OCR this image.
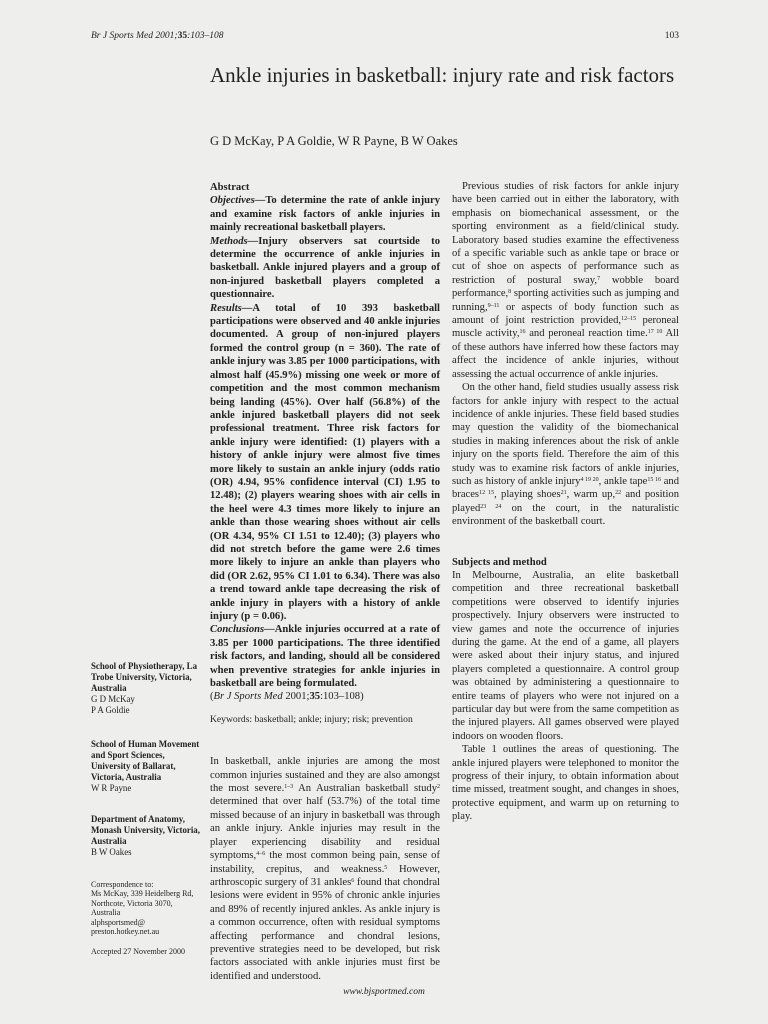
Br J Sports Med 2001;35:103–108	103
Ankle injuries in basketball: injury rate and risk factors
G D McKay, P A Goldie, W R Payne, B W Oakes
Abstract
Objectives—To determine the rate of ankle injury and examine risk factors of ankle injuries in mainly recreational basketball players.
Methods—Injury observers sat courtside to determine the occurrence of ankle injuries in basketball. Ankle injured players and a group of non-injured basketball players completed a questionnaire.
Results—A total of 10 393 basketball participations were observed and 40 ankle injuries documented. A group of non-injured players formed the control group (n = 360). The rate of ankle injury was 3.85 per 1000 participations, with almost half (45.9%) missing one week or more of competition and the most common mechanism being landing (45%). Over half (56.8%) of the ankle injured basketball players did not seek professional treatment. Three risk factors for ankle injury were identified: (1) players with a history of ankle injury were almost five times more likely to sustain an ankle injury (odds ratio (OR) 4.94, 95% confidence interval (CI) 1.95 to 12.48); (2) players wearing shoes with air cells in the heel were 4.3 times more likely to injure an ankle than those wearing shoes without air cells (OR 4.34, 95% CI 1.51 to 12.40); (3) players who did not stretch before the game were 2.6 times more likely to injure an ankle than players who did (OR 2.62, 95% CI 1.01 to 6.34). There was also a trend toward ankle tape decreasing the risk of ankle injury in players with a history of ankle injury (p = 0.06).
Conclusions—Ankle injuries occurred at a rate of 3.85 per 1000 participations. The three identified risk factors, and landing, should all be considered when preventive strategies for ankle injuries in basketball are being formulated.
(Br J Sports Med 2001;35:103–108)
Keywords: basketball; ankle; injury; risk; prevention

In basketball, ankle injuries are among the most common injuries sustained and they are also amongst the most severe.$^{1-3}$ An Australian basketball study$^2$ determined that over half (53.7%) of the total time missed because of an injury in basketball was through an ankle injury. Ankle injuries may result in the player experiencing disability and residual symptoms,$^{4-6}$ the most common being pain, sense of instability, crepitus, and weakness.$^5$ However, arthroscopic surgery of 31 ankles$^6$ found that chondral lesions were evident in 95% of chronic ankle injuries and 89% of recently injured ankles. As ankle injury is a common occurrence, often with residual symptoms affecting performance and chondral lesions, preventive strategies need to be developed, but risk factors associated with ankle injuries must first be identified and understood.

Previous studies of risk factors for ankle injury have been carried out in either the laboratory, with emphasis on biomechanical assessment, or the sporting environment as a field/clinical study. Laboratory based studies examine the effectiveness of a specific variable such as ankle tape or brace or cut of shoe on aspects of performance such as restriction of postural sway,$^7$ wobble board performance,$^8$ sporting activities such as jumping and running,$^{9-11}$ or aspects of body function such as amount of joint restriction provided,$^{12-15}$ peroneal muscle activity,$^{16}$ and peroneal reaction time.$^{17 10}$ All of these authors have inferred how these factors may affect the incidence of ankle injuries, without assessing the actual occurrence of ankle injuries.

On the other hand, field studies usually assess risk factors for ankle injury with respect to the actual incidence of ankle injuries. These field based studies may question the validity of the biomechanical studies in making inferences about the risk of ankle injury on the sports field. Therefore the aim of this study was to examine risk factors of ankle injuries, such as history of ankle injury$^{4 19 20}$, ankle tape$^{15 16}$ and braces$^{12 15}$, playing shoes$^{21}$, warm up,$^{22}$ and position played$^{23 24}$ on the court, in the naturalistic environment of the basketball court.

Subjects and method

In Melbourne, Australia, an elite basketball competition and three recreational basketball competitions were observed to identify injuries prospectively. Injury observers were instructed to view games and note the occurrence of injuries during the game. At the end of a game, all players were asked about their injury status, and injured players completed a questionnaire. A control group was obtained by administering a questionnaire to entire teams of players who were not injured on a particular day but were from the same competition as the injured players. All games observed were played indoors on wooden floors.

Table 1 outlines the areas of questioning. The ankle injured players were telephoned to monitor the progress of their injury, to obtain information about time missed, treatment sought, and changes in shoes, protective equipment, and warm up on returning to play.

School of Physiotherapy, La Trobe University, Victoria, Australia
G D McKay
P A Goldie
School of Human Movement and Sport Sciences, University of Ballarat, Victoria, Australia
W R Payne
Department of Anatomy, Monash University, Victoria, Australia
B W Oakes
Correspondence to:
Ms McKay, 339 Heidelberg Rd, Northcote, Victoria 3070, Australia
alphsportsmed@ preston.hotkey.net.au
Accepted 27 November 2000
www.bjsportmed.com
